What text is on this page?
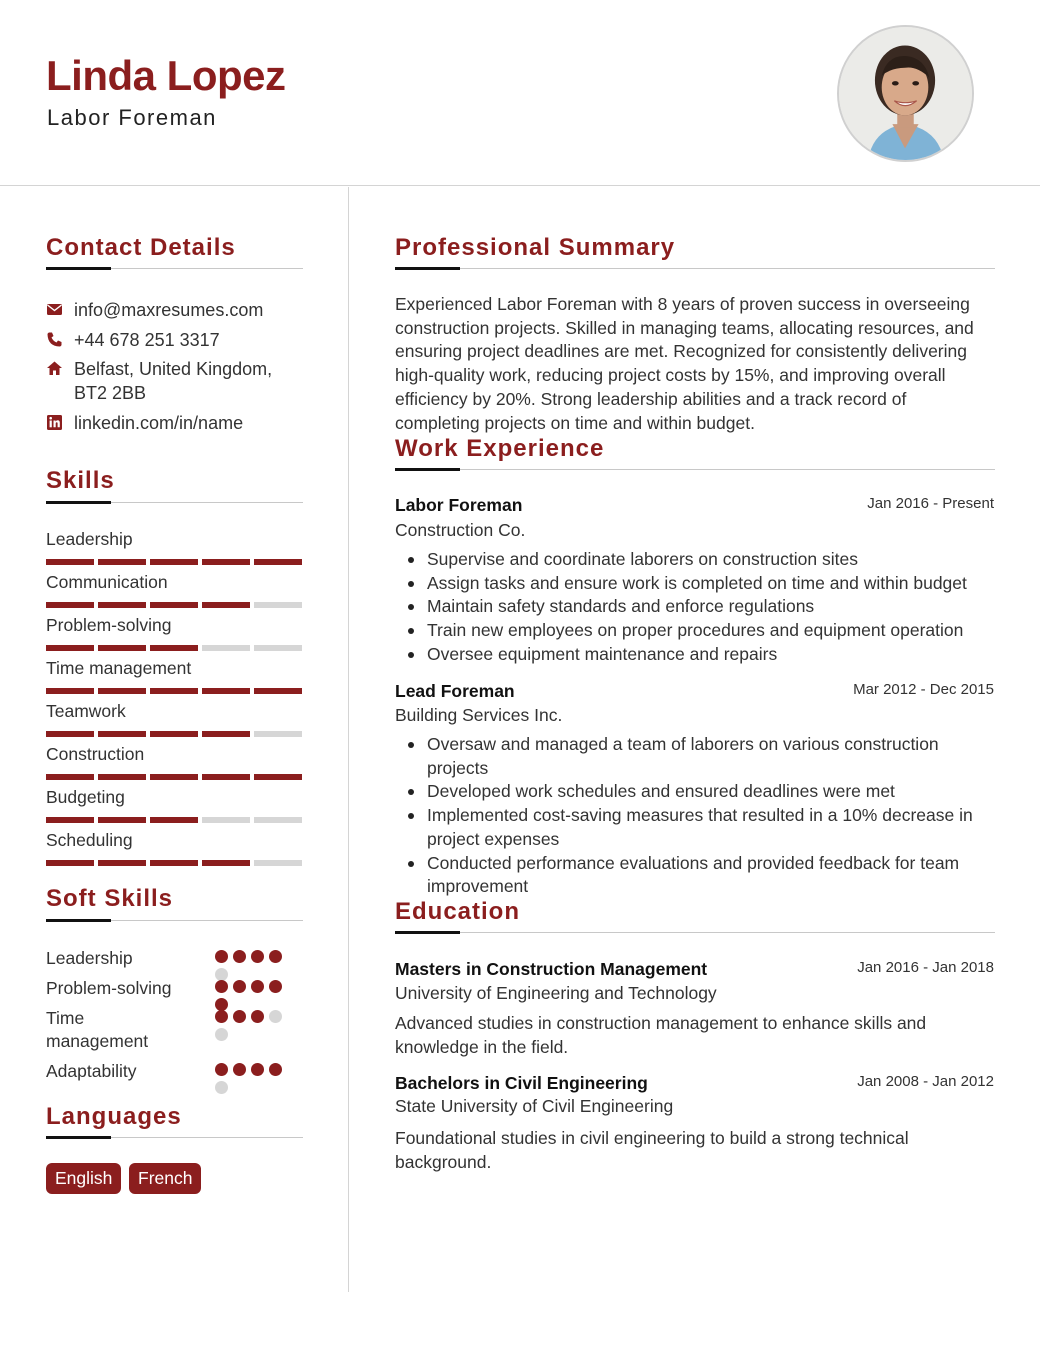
Linda Lopez
Labor Foreman
Contact Details
info@maxresumes.com
+44 678 251 3317
Belfast, United Kingdom,
BT2 2BB
linkedin.com/in/name
Skills
Leadership
Communication
Problem-solving
Time management
Teamwork
Construction
Budgeting
Scheduling
Soft Skills
Leadership
Problem-solving
Time management
Adaptability
Languages
English	French
Professional Summary
Experienced Labor Foreman with 8 years of proven success in overseeing construction projects. Skilled in managing teams, allocating resources, and ensuring project deadlines are met. Recognized for consistently delivering high-quality work, reducing project costs by 15%, and improving overall efficiency by 20%. Strong leadership abilities and a track record of completing projects on time and within budget.
Work Experience
Labor Foreman	Jan 2016 - Present
Construction Co.
Supervise and coordinate laborers on construction sites
Assign tasks and ensure work is completed on time and within budget
Maintain safety standards and enforce regulations
Train new employees on proper procedures and equipment operation
Oversee equipment maintenance and repairs
Lead Foreman	Mar 2012 - Dec 2015
Building Services Inc.
Oversaw and managed a team of laborers on various construction projects
Developed work schedules and ensured deadlines were met
Implemented cost-saving measures that resulted in a 10% decrease in project expenses
Conducted performance evaluations and provided feedback for team improvement
Education
Masters in Construction Management	Jan 2016 - Jan 2018
University of Engineering and Technology
Advanced studies in construction management to enhance skills and knowledge in the field.
Bachelors in Civil Engineering	Jan 2008 - Jan 2012
State University of Civil Engineering
Foundational studies in civil engineering to build a strong technical background.
